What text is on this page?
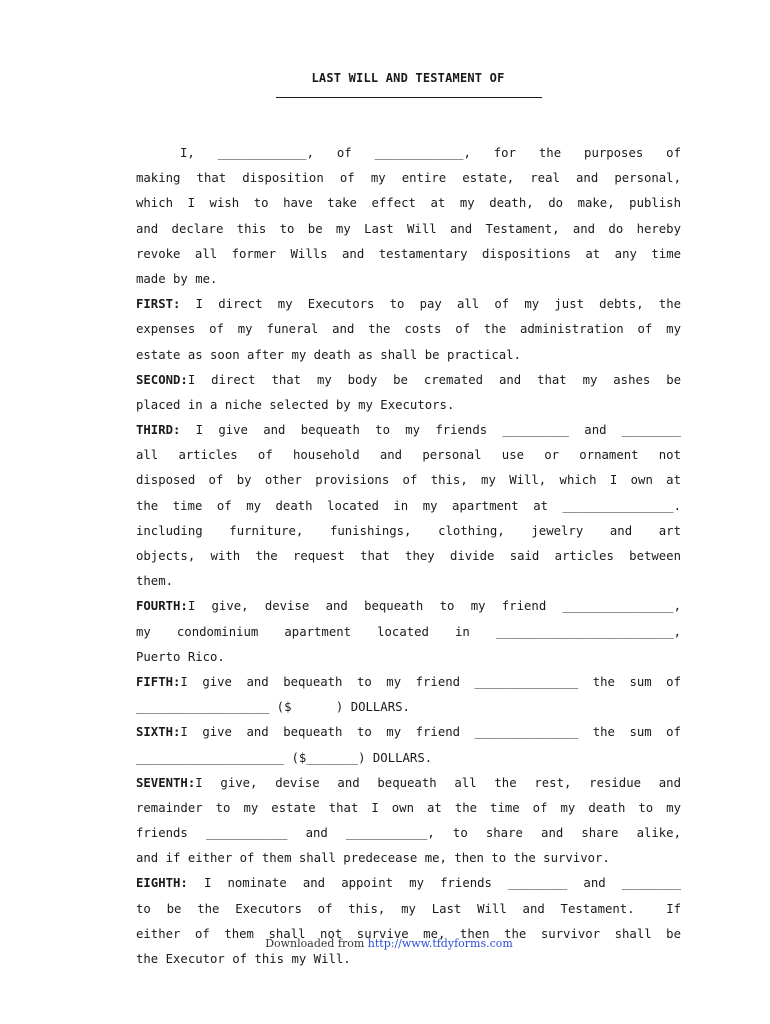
LAST WILL AND TESTAMENT OF
I, ____________, of ____________, for the purposes of
making that disposition of my entire estate, real and personal,
which I wish to have take effect at my death, do make, publish
and declare this to be my Last Will and Testament, and do hereby
revoke all former Wills and testamentary dispositions at any time
made by me.
FIRST: I direct my Executors to pay all of my just debts, the
expenses of my funeral and the costs of the administration of my
estate as soon after my death as shall be practical.
SECOND:I direct that my body be cremated and that my ashes be
placed in a niche selected by my Executors.
THIRD: I give and bequeath to my friends _________ and ________
all articles of household and personal use or ornament not
disposed of by other provisions of this, my Will, which I own at
the time of my death located in my apartment at _______________.
including furniture, funishings, clothing, jewelry and art
objects, with the request that they divide said articles between
them.
FOURTH:I give, devise and bequeath to my friend _______________,
my condominium apartment located in ________________________,
Puerto Rico.
FIFTH:I give and bequeath to my friend ______________ the sum of
__________________ ($      ) DOLLARS.
SIXTH:I give and bequeath to my friend ______________ the sum of
____________________ ($_______) DOLLARS.
SEVENTH:I give, devise and bequeath all the rest, residue and
remainder to my estate that I own at the time of my death to my
friends ___________ and ___________, to share and share alike,
and if either of them shall predecease me, then to the survivor.
EIGHTH: I nominate and appoint my friends ________ and ________
to be the Executors of this, my Last Will and Testament.  If
either of them shall not survive me, then the survivor shall be
the Executor of this my Will.
Downloaded from http://www.tfdyforms.com
